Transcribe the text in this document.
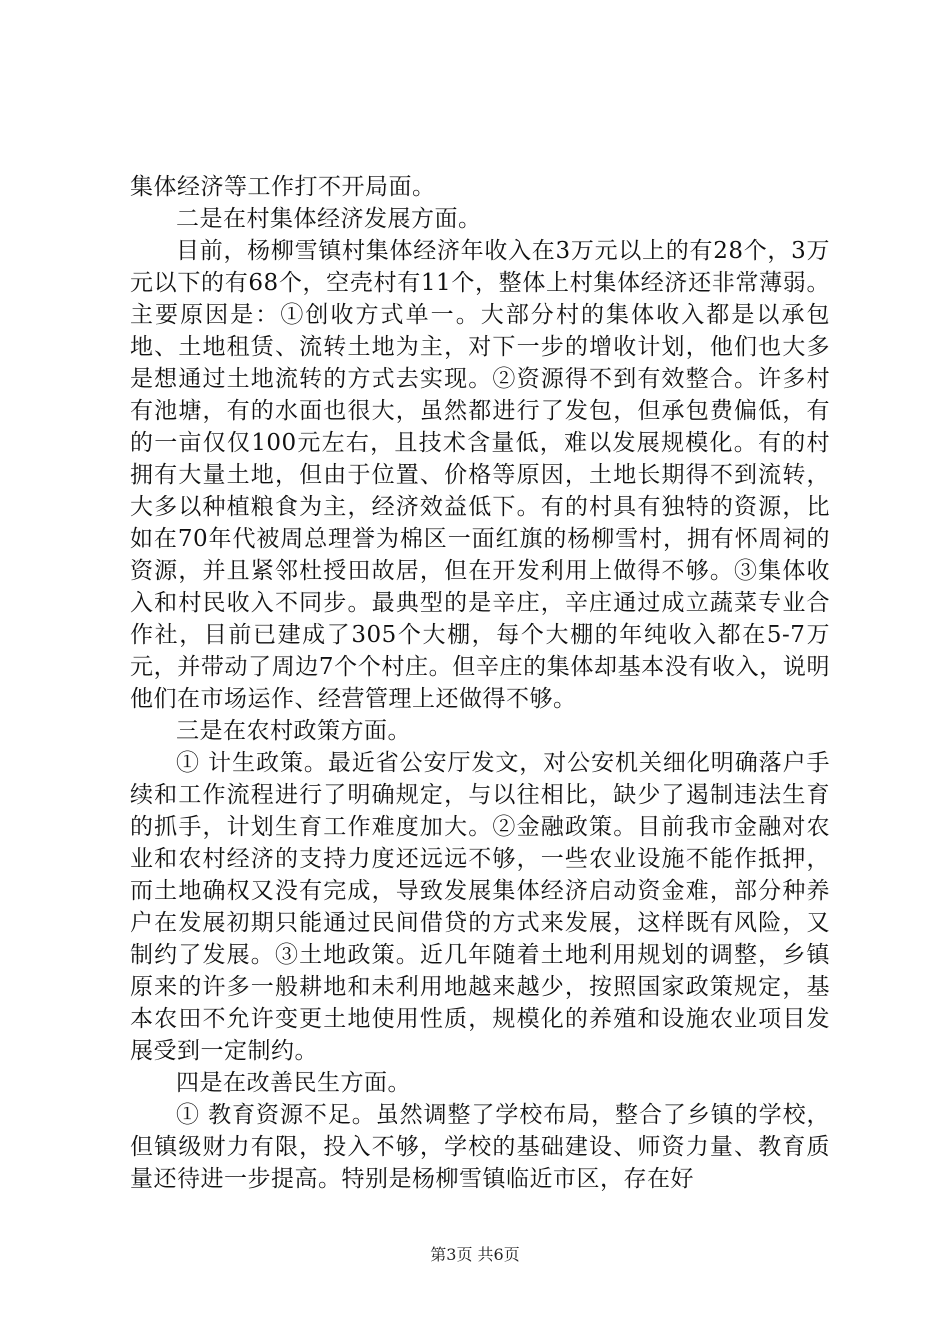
集体经济等工作打不开局面。

二是在村集体经济发展方面。

目前，杨柳雪镇村集体经济年收入在3万元以上的有28个，3万元以下的有68个，空壳村有11个，整体上村集体经济还非常薄弱。主要原因是：①创收方式单一。大部分村的集体收入都是以承包地、土地租赁、流转土地为主，对下一步的增收计划，他们也大多是想通过土地流转的方式去实现。②资源得不到有效整合。许多村有池塘，有的水面也很大，虽然都进行了发包，但承包费偏低，有的一亩仅仅100元左右，且技术含量低，难以发展规模化。有的村拥有大量土地，但由于位置、价格等原因，土地长期得不到流转，大多以种植粮食为主，经济效益低下。有的村具有独特的资源，比如在70年代被周总理誉为棉区一面红旗的杨柳雪村，拥有怀周祠的资源，并且紧邻杜授田故居，但在开发利用上做得不够。③集体收入和村民收入不同步。最典型的是辛庄，辛庄通过成立蔬菜专业合作社，目前已建成了305个大棚，每个大棚的年纯收入都在5-7万元，并带动了周边7个个村庄。但辛庄的集体却基本没有收入，说明他们在市场运作、经营管理上还做得不够。

三是在农村政策方面。

① 计生政策。最近省公安厅发文，对公安机关细化明确落户手续和工作流程进行了明确规定，与以往相比，缺少了遏制违法生育的抓手，计划生育工作难度加大。②金融政策。目前我市金融对农业和农村经济的支持力度还远远不够，一些农业设施不能作抵押，而土地确权又没有完成，导致发展集体经济启动资金难，部分种养户在发展初期只能通过民间借贷的方式来发展，这样既有风险，又制约了发展。③土地政策。近几年随着土地利用规划的调整，乡镇原来的许多一般耕地和未利用地越来越少，按照国家政策规定，基本农田不允许变更土地使用性质，规模化的养殖和设施农业项目发展受到一定制约。

四是在改善民生方面。

① 教育资源不足。虽然调整了学校布局，整合了乡镇的学校，但镇级财力有限，投入不够，学校的基础建设、师资力量、教育质量还待进一步提高。特别是杨柳雪镇临近市区，存在好

第3页 共6页
